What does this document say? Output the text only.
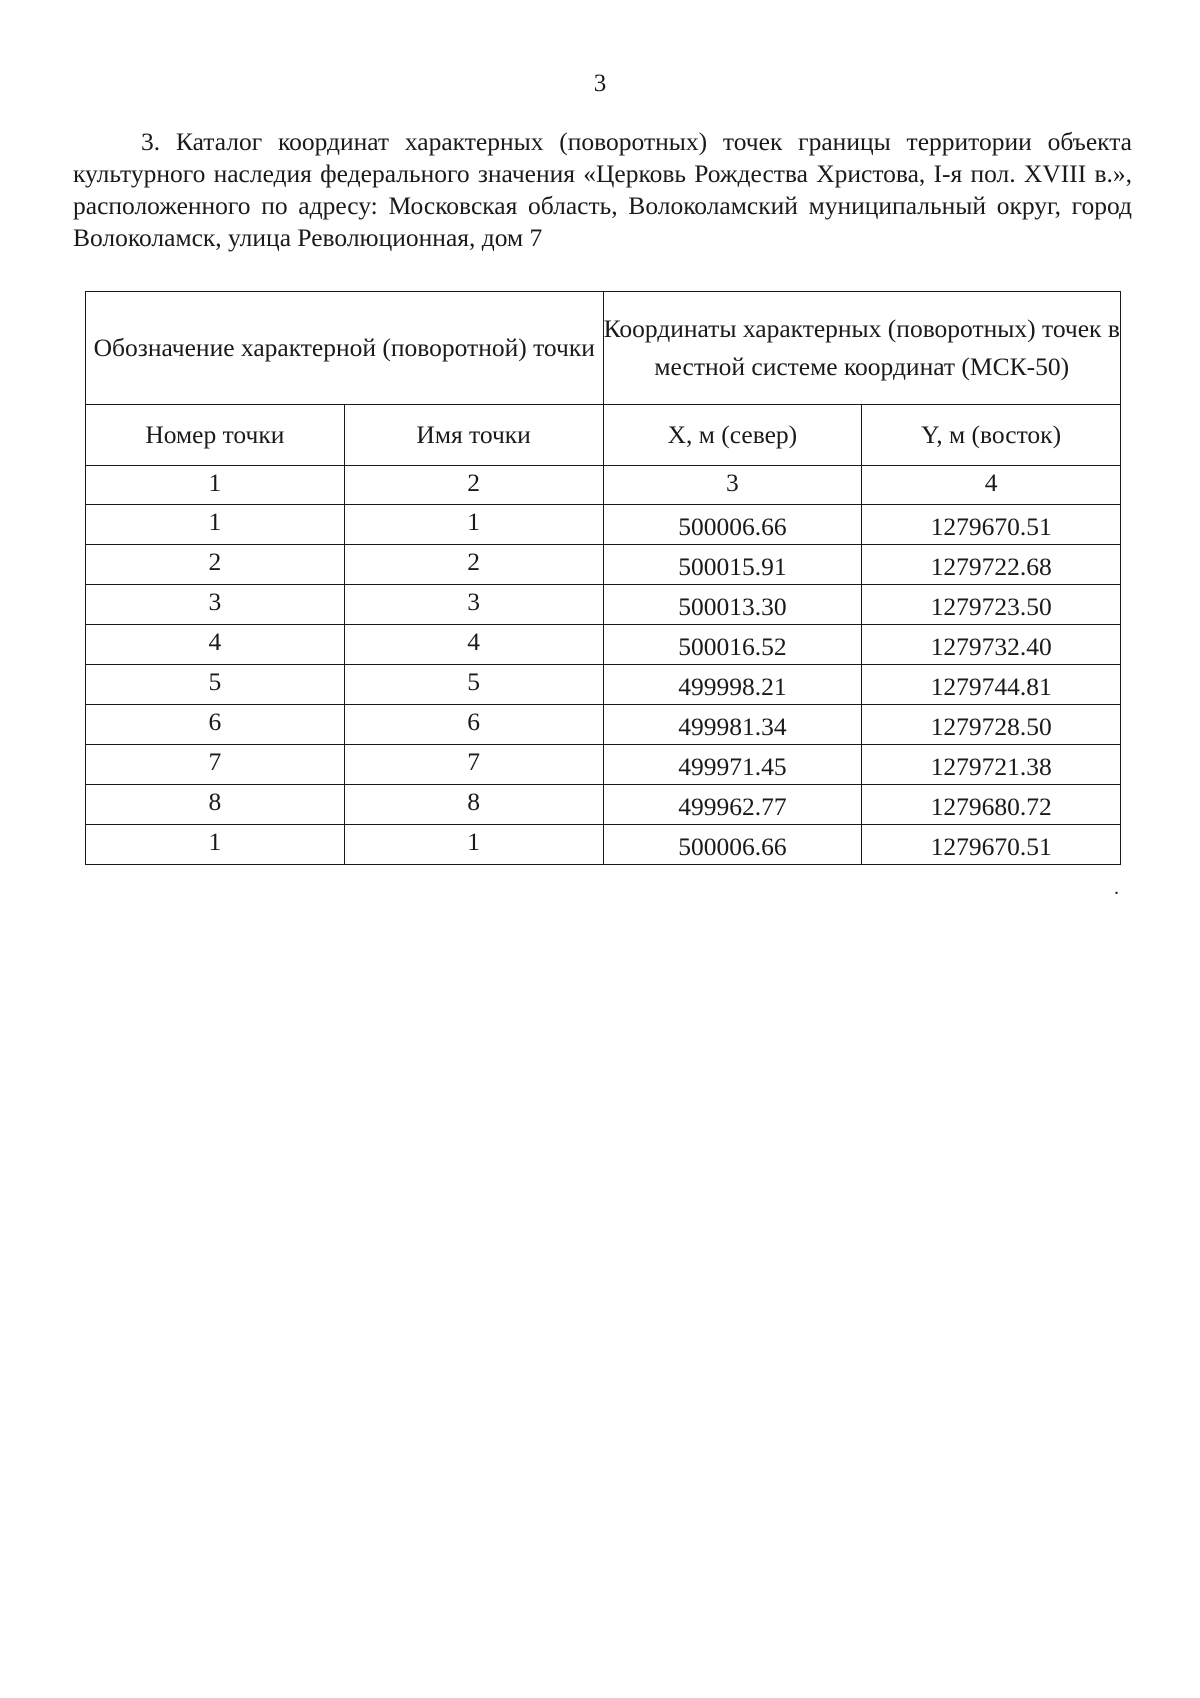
3
3. Каталог координат характерных (поворотных) точек границы территории объекта культурного наследия федерального значения «Церковь Рождества Христова, I-я пол. XVIII в.», расположенного по адресу: Московская область, Волоколамский муниципальный округ, город Волоколамск, улица Революционная, дом 7
Обозначение характерной (поворотной) точки		Координаты характерных (поворотных) точек в местной системе координат (МСК-50)	
Номер точки	Имя точки	X, м (север)	Y, м (восток)
1	2	3	4
1	1	500006.66	1279670.51
2	2	500015.91	1279722.68
3	3	500013.30	1279723.50
4	4	500016.52	1279732.40
5	5	499998.21	1279744.81
6	6	499981.34	1279728.50
7	7	499971.45	1279721.38
8	8	499962.77	1279680.72
1	1	500006.66	1279670.51
.
